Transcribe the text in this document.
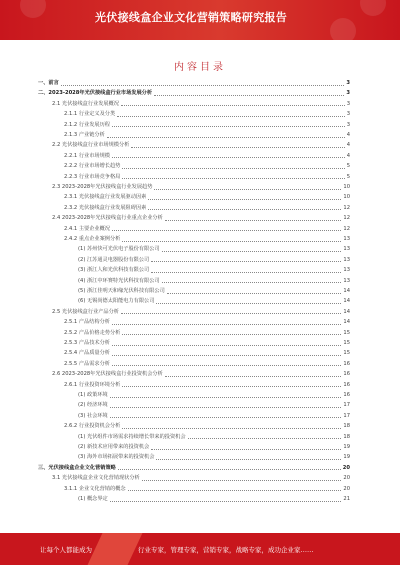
光伏接线盒企业文化营销策略研究报告
内容目录
一、前言	3
二、2023-2028年光伏接线盒行业市场发展分析	3
2.1 光伏接线盒行业发展概况	3
2.1.1 行业定义及分类	3
2.1.2 行业发展历程	3
2.1.3 产业链分析	4
2.2 光伏接线盒行业市场规模分析	4
2.2.1 行业市场规模	4
2.2.2 行业市场增长趋势	5
2.2.3 行业市场竞争格局	5
2.3 2023-2028年光伏接线盒行业发展趋势	10
2.3.1 光伏接线盒行业发展驱动因素	10
2.3.2 光伏接线盒行业发展阻碍因素	12
2.4 2023-2028年光伏接线盒行业重点企业分析	12
2.4.1 主要企业概况	12
2.4.2 重点企业案例分析	13
(1) 苏州快可光伏电子股份有限公司	13
(2) 江苏通灵电器股份有限公司	13
(3) 浙江人和光伏科技有限公司	13
(4) 浙江中环赛特光伏科技有限公司	13
(5) 浙江佳明天和缘光伏科技有限公司	14
(6) 无锡尚德太阳能电力有限公司	14
2.5 光伏接线盒行业产品分析	14
2.5.1 产品结构分析	14
2.5.2 产品价格走势分析	15
2.5.3 产品技术分析	15
2.5.4 产品质量分析	15
2.5.5 产品需求分析	16
2.6 2023-2028年光伏接线盒行业投资机会分析	16
2.6.1 行业投资环境分析	16
(1) 政策环境	16
(2) 经济环境	17
(3) 社会环境	17
2.6.2 行业投资机会分析	18
(1) 光伏组件市场需求持续增长带来的投资机会	18
(2) 新技术应用带来的投资机会	19
(3) 海外市场拓展带来的投资机会	19
三、光伏接线盒企业文化营销策略	20
3.1 光伏接线盒企业文化营销现状分析	20
3.1.1 企业文化营销的概念	20
(1) 概念界定	21
让每个人都能成为	行业专家，管理专家，营销专家，战略专家，成功企业家……
